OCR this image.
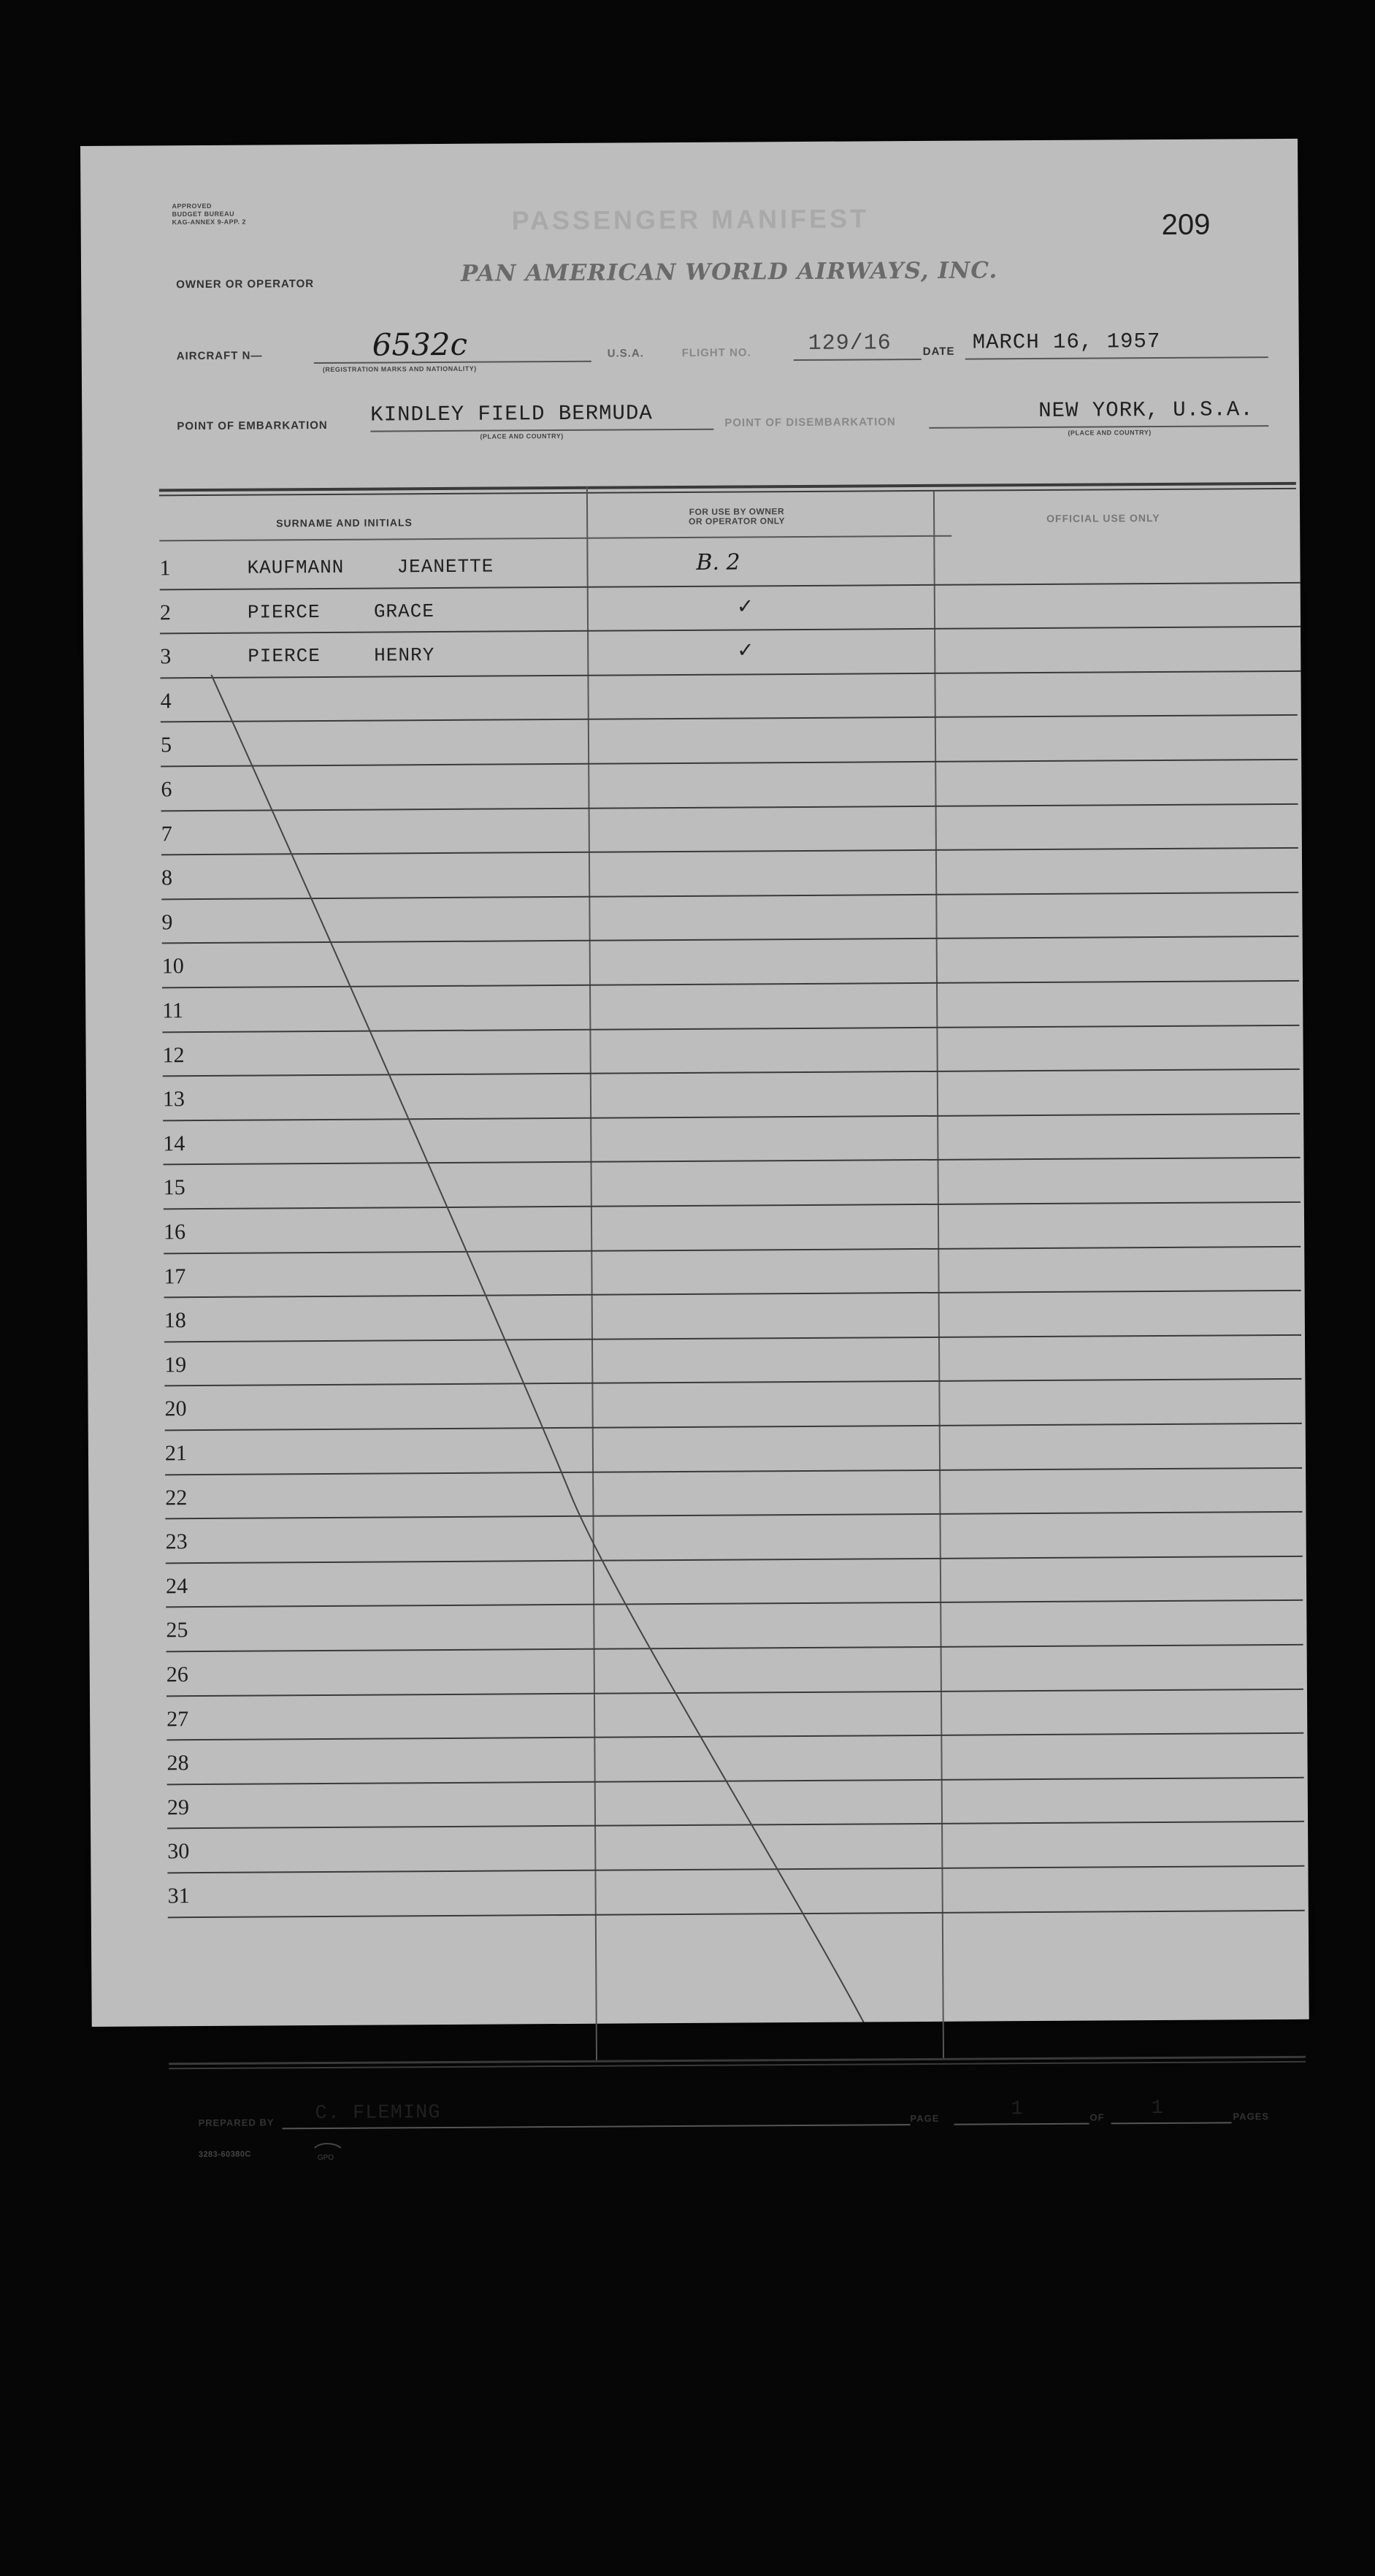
APPROVED
BUDGET BUREAU
KAG-ANNEX 9-APP. 2	PASSENGER MANIFEST	209
OWNER OR OPERATOR	PAN AMERICAN WORLD AIRWAYS, INC.
AIRCRAFT N—	6532c
(REGISTRATION MARKS AND NATIONALITY)
U.S.A.	FLIGHT NO.	129/16	DATE MARCH 16, 1957
POINT OF EMBARKATION KINDLEY FIELD BERMUDA
(PLACE AND COUNTRY)
POINT OF DISEMBARKATION	NEW YORK, U.S.A.
(PLACE AND COUNTRY)
SURNAME AND INITIALS
FOR USE BY OWNER
OR OPERATOR ONLY	OFFICIAL USE ONLY
1	KAUFMANN	JEANETTE	B. 2
2	PIERCE	GRACE	✓
3	PIERCE	HENRY	✓
4
5
6
7
8
9
10
11
12
13
14
15
16
17
18
19
20
21
22
23
24
25
26
27
28
29
30
31
PREPARED BY C. FLEMING	PAGE	1	OF 1	PAGES
3283-60380C	GPO
